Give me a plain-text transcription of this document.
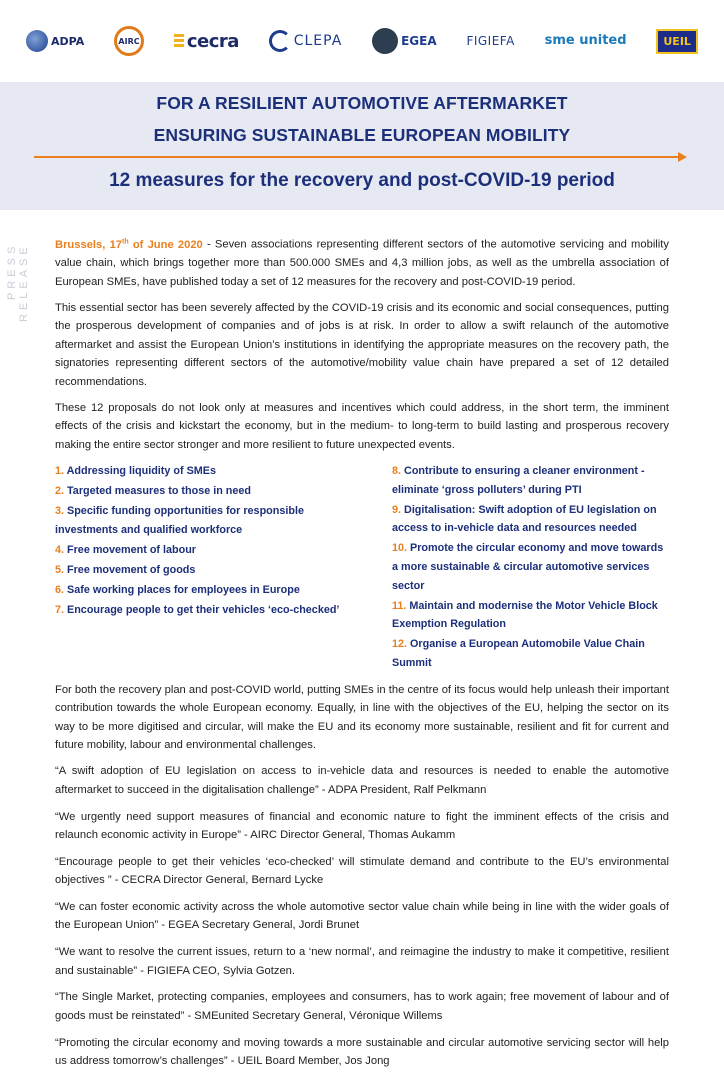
ADPA	AIRC	cecra	CLEPA	EGEA FIGIEFA sme united	UEIL
FOR A RESILIENT AUTOMOTIVE AFTERMARKET
ENSURING SUSTAINABLE EUROPEAN MOBILITY
12 measures for the recovery and post-COVID-19 period
PRESS RELEASE Brussels, 17th of June 2020 - Seven associations representing different sectors of the automotive servicing and mobility value chain, which brings together more than 500.000 SMEs and 4,3 million jobs, as well as the umbrella association of European SMEs, have published today a set of 12 measures for the recovery and post-COVID-19 period.

This essential sector has been severely affected by the COVID-19 crisis and its economic and social consequences, putting the prosperous development of companies and of jobs is at risk. In order to allow a swift relaunch of the automotive aftermarket and assist the European Union’s institutions in identifying the appropriate measures on the recovery path, the signatories representing different sectors of the automotive/mobility value chain have prepared a set of 12 detailed recommendations.

These 12 proposals do not look only at measures and incentives which could address, in the short term, the imminent effects of the crisis and kickstart the economy, but in the medium- to long-term to build lasting and prosperous recovery making the entire sector stronger and more resilient to future unexpected events.

1. Addressing liquidity of SMEs
2. Targeted measures to those in need
3. Specific funding opportunities for responsible investments and qualified workforce
4. Free movement of labour
5. Free movement of goods
6. Safe working places for employees in Europe
7. Encourage people to get their vehicles ‘eco-checked’
8. Contribute to ensuring a cleaner environment - eliminate ‘gross polluters’ during PTI
9. Digitalisation: Swift adoption of EU legislation on access to in-vehicle data and resources needed
10. Promote the circular economy and move towards a more sustainable & circular automotive services sector
11. Maintain and modernise the Motor Vehicle Block Exemption Regulation
12. Organise a European Automobile Value Chain Summit

For both the recovery plan and post-COVID world, putting SMEs in the centre of its focus would help unleash their important contribution towards the whole European economy. Equally, in line with the objectives of the EU, helping the sector on its way to be more digitised and circular, will make the EU and its economy more sustainable, resilient and fit for current and future mobility, labour and environmental challenges.

“A swift adoption of EU legislation on access to in-vehicle data and resources is needed to enable the automotive aftermarket to succeed in the digitalisation challenge” - ADPA President, Ralf Pelkmann

“We urgently need support measures of financial and economic nature to fight the imminent effects of the crisis and relaunch economic activity in Europe” - AIRC Director General, Thomas Aukamm

“Encourage people to get their vehicles ‘eco-checked’ will stimulate demand and contribute to the EU’s environmental objectives ” - CECRA Director General, Bernard Lycke

“We can foster economic activity across the whole automotive sector value chain while being in line with the wider goals of the European Union” - EGEA Secretary General, Jordi Brunet

“We want to resolve the current issues, return to a ‘new normal’, and reimagine the industry to make it competitive, resilient and sustainable” - FIGIEFA CEO, Sylvia Gotzen.

“The Single Market, protecting companies, employees and consumers, has to work again; free movement of labour and of goods must be reinstated” - SMEunited Secretary General, Véronique Willems

“Promoting the circular economy and moving towards a more sustainable and circular automotive servicing sector will help us address tomorrow’s challenges” - UEIL Board Member, Jos Jong
